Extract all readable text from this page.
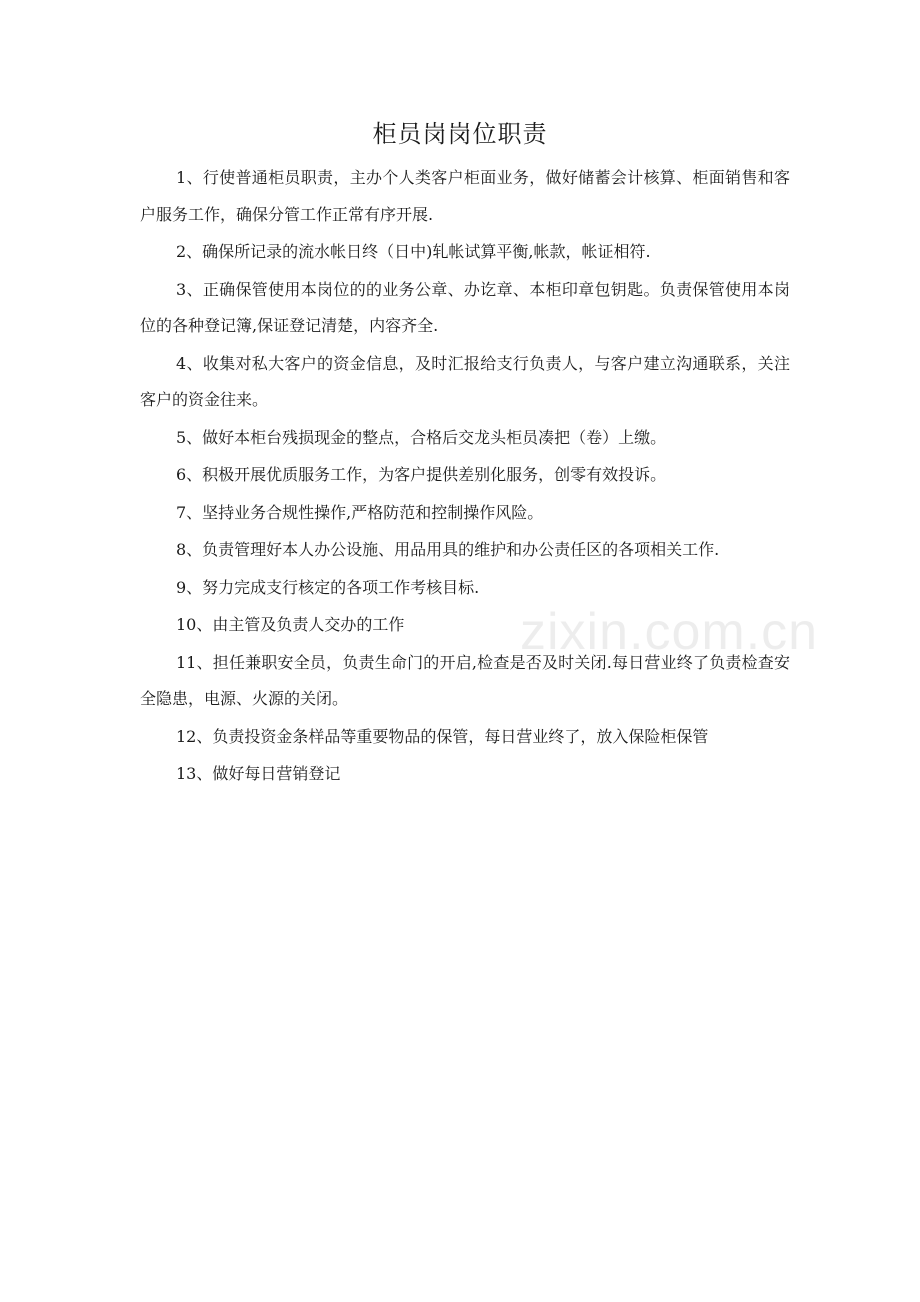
柜员岗岗位职责

1、行使普通柜员职责，主办个人类客户柜面业务，做好储蓄会计核算、柜面销售和客户服务工作，确保分管工作正常有序开展.

2、确保所记录的流水帐日终（日中)轧帐试算平衡,帐款，帐证相符.

3、正确保管使用本岗位的的业务公章、办讫章、本柜印章包钥匙。负责保管使用本岗位的各种登记簿,保证登记清楚，内容齐全.

4、收集对私大客户的资金信息，及时汇报给支行负责人，与客户建立沟通联系，关注客户的资金往来。

5、做好本柜台残损现金的整点，合格后交龙头柜员凑把（卷）上缴。

6、积极开展优质服务工作，为客户提供差别化服务，创零有效投诉。

7、坚持业务合规性操作,严格防范和控制操作风险。

8、负责管理好本人办公设施、用品用具的维护和办公责任区的各项相关工作.

9、努力完成支行核定的各项工作考核目标.

10、由主管及负责人交办的工作

11、担任兼职安全员，负责生命门的开启,检查是否及时关闭.每日营业终了负责检查安全隐患，电源、火源的关闭。

12、负责投资金条样品等重要物品的保管，每日营业终了，放入保险柜保管

13、做好每日营销登记

zixin.com.cn
